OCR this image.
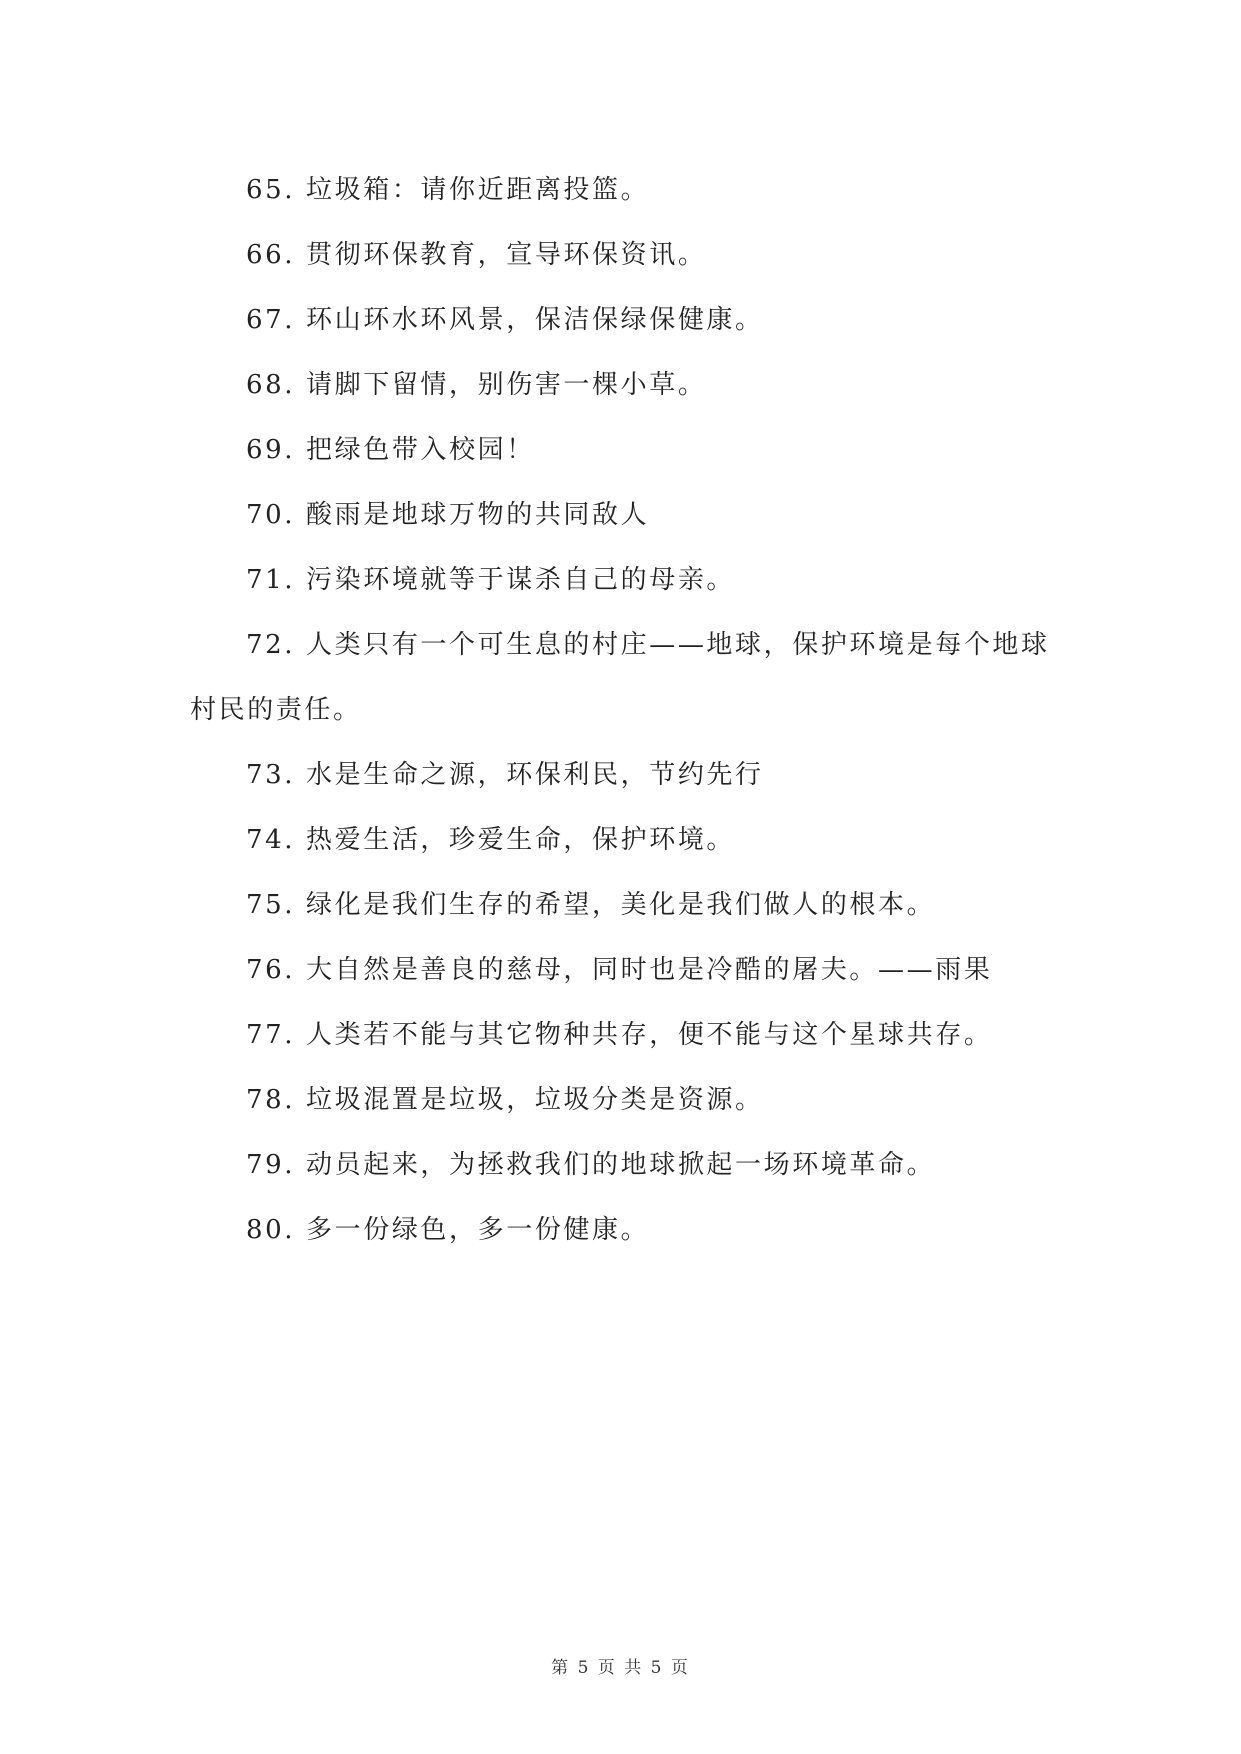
65. 垃圾箱：请你近距离投篮。

66. 贯彻环保教育，宣导环保资讯。

67. 环山环水环风景，保洁保绿保健康。

68. 请脚下留情，别伤害一棵小草。

69. 把绿色带入校园！

70. 酸雨是地球万物的共同敌人

71. 污染环境就等于谋杀自己的母亲。

72. 人类只有一个可生息的村庄——地球，保护环境是每个地球村民的责任。

73. 水是生命之源，环保利民，节约先行

74. 热爱生活，珍爱生命，保护环境。

75. 绿化是我们生存的希望，美化是我们做人的根本。

76. 大自然是善良的慈母，同时也是冷酷的屠夫。——雨果

77. 人类若不能与其它物种共存，便不能与这个星球共存。

78. 垃圾混置是垃圾，垃圾分类是资源。

79. 动员起来，为拯救我们的地球掀起一场环境革命。

80. 多一份绿色，多一份健康。

第 5 页 共 5 页
